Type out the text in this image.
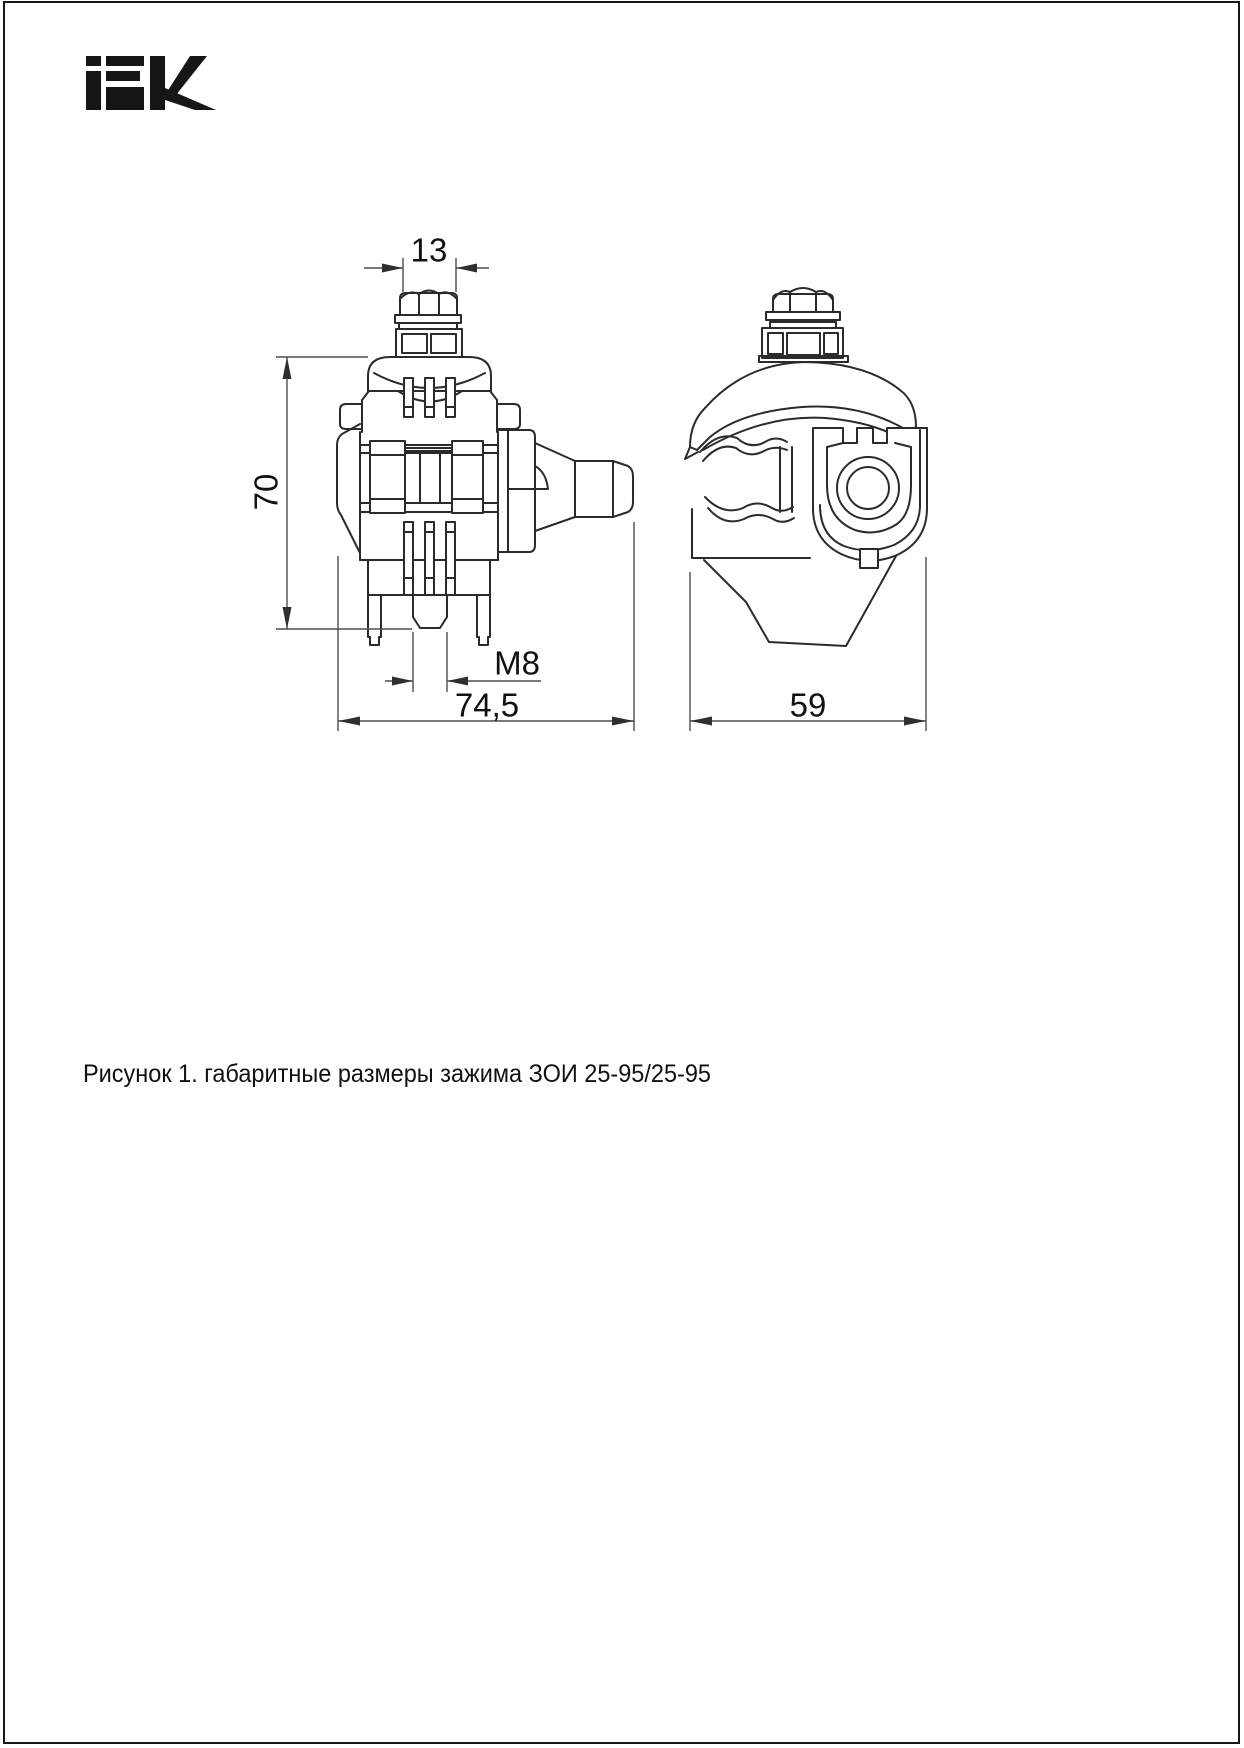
13
70
M8
74,5	59
Рисунок 1. габаритные размеры зажима ЗОИ 25-95/25-95
